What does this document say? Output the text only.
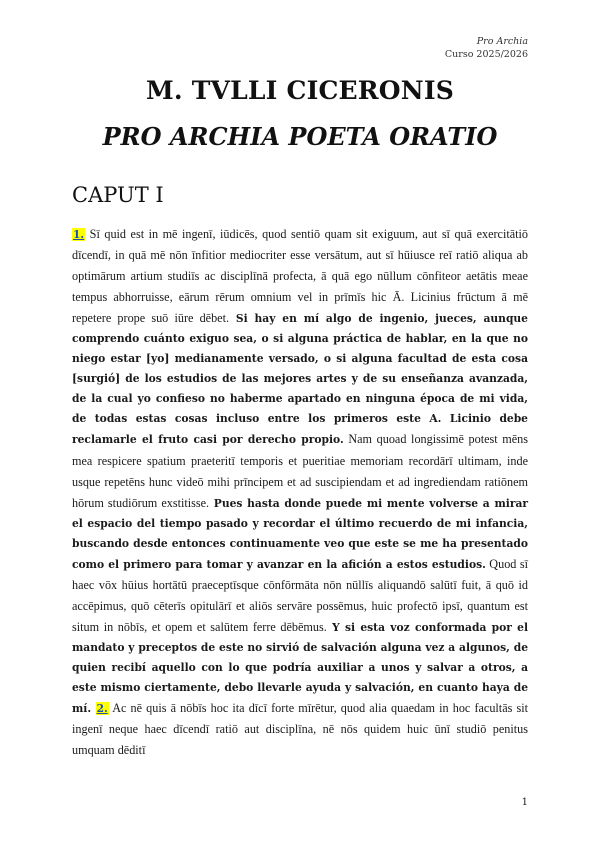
Pro Archia
Curso 2025/2026
M. TVLLI CICERONIS
PRO ARCHIA POETA ORATIO
CAPUT I

1. Sī quid est in mē ingenī, iūdicēs, quod sentiō quam sit exiguum, aut sī quā exercitātiō dīcendī, in quā mē nōn īnfitior mediocriter esse versātum, aut sī hūiusce reī ratiō aliqua ab optimārum artium studiīs ac disciplīnā profecta, ā quā ego nūllum cōnfiteor aetātis meae tempus abhorruisse, eārum rērum omnium vel in prīmīs hic Ā. Licinius frūctum ā mē repetere prope suō iūre dēbet. Si hay en mí algo de ingenio, jueces, aunque comprendo cuánto exiguo sea, o si alguna práctica de hablar, en la que no niego estar [yo] medianamente versado, o si alguna facultad de esta cosa [surgió] de los estudios de las mejores artes y de su enseñanza avanzada, de la cual yo confieso no haberme apartado en ninguna época de mi vida, de todas estas cosas incluso entre los primeros este A. Licinio debe reclamarle el fruto casi por derecho propio. Nam quoad longissimē potest mēns mea respicere spatium praeteritī temporis et pueritiae memoriam recordārī ultimam, inde usque repetēns hunc videō mihi prīncipem et ad suscipiendam et ad ingrediendam ratiōnem hōrum studiōrum exstitisse. Pues hasta donde puede mi mente volverse a mirar el espacio del tiempo pasado y recordar el último recuerdo de mi infancia, buscando desde entonces continuamente veo que este se me ha presentado como el primero para tomar y avanzar en la afición a estos estudios. Quod sī haec vōx hūius hortātū praeceptīsque cōnfōrmāta nōn nūllīs aliquandō salūtī fuit, ā quō id accēpimus, quō cēterīs opitulārī et aliōs servāre possēmus, huic profectō ipsī, quantum est situm in nōbīs, et opem et salūtem ferre dēbēmus. Y si esta voz conformada por el mandato y preceptos de este no sirvió de salvación alguna vez a algunos, de quien recibí aquello con lo que podría auxiliar a unos y salvar a otros, a este mismo ciertamente, debo llevarle ayuda y salvación, en cuanto haya de mí. 2. Ac nē quis ā nōbīs hoc ita dīcī forte mīrētur, quod alia quaedam in hoc facultās sit ingenī neque haec dīcendī ratiō aut disciplīna, nē nōs quidem huic ūnī studiō penitus umquam dēditī

1
